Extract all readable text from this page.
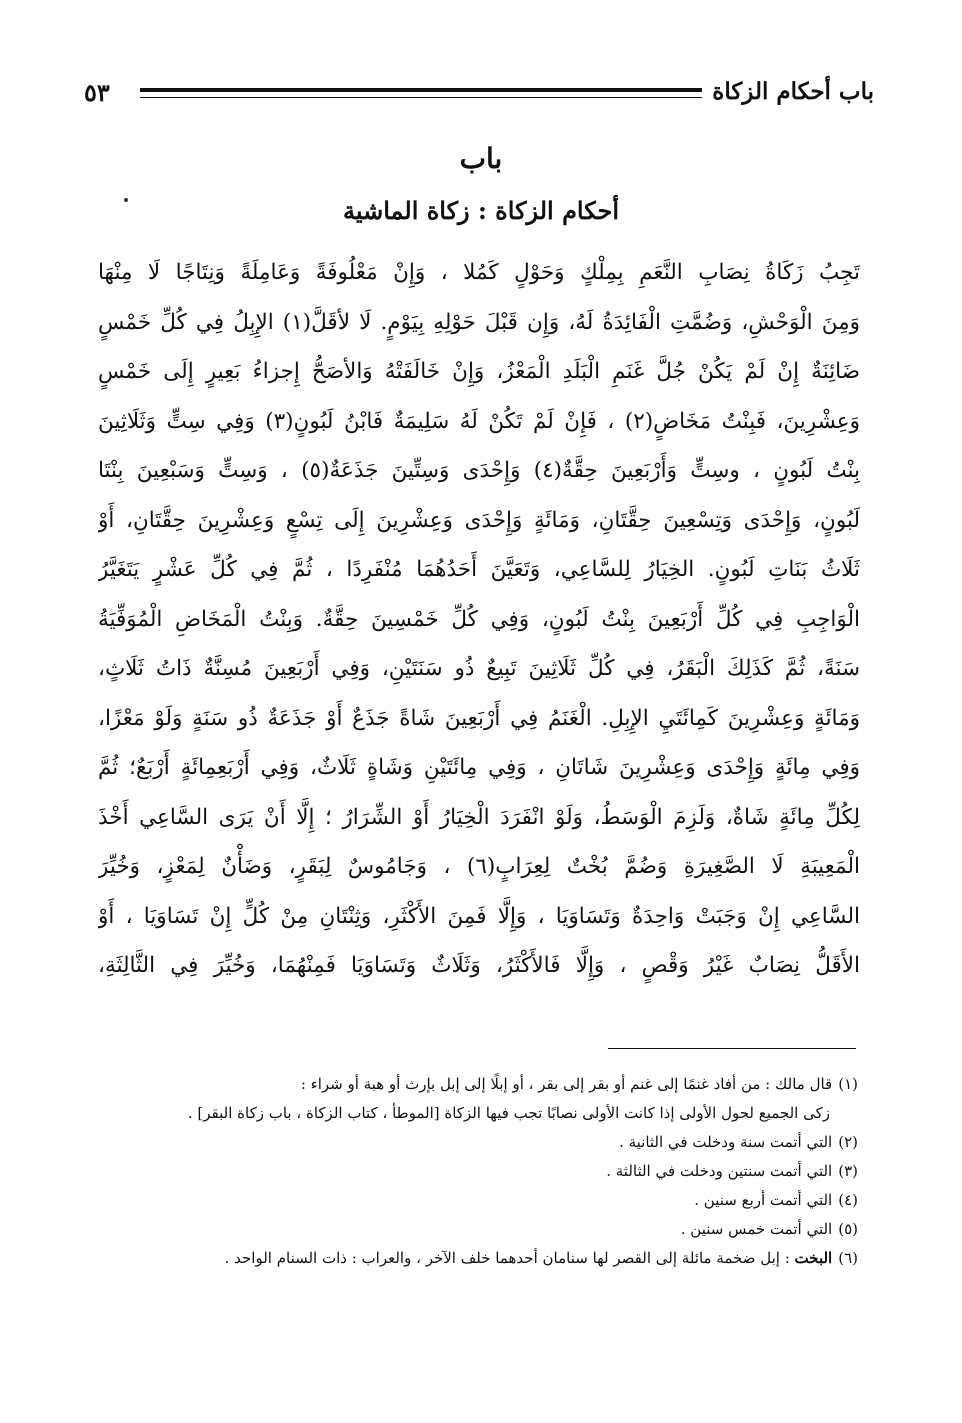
باب أحكام الزكاة
٥٣
باب
أحكام الزكاة : زكاة الماشية
تَجِبُ زَكَاةُ نِصَابِ النَّعَمِ بِمِلْكٍ وَحَوْلٍ كَمُلا ، وَإِنْ مَعْلُوفَةً وَعَامِلَةً وَنِتَاجًا لَا مِنْهَا
وَمِنَ الْوَحْشِ، وَضُمَّتِ الْفَائِدَةُ لَهُ، وَإِن قَبْلَ حَوْلِهِ بِيَوْمٍ. لَا لأقَلَّ(١) الإِبِلُ فِي كُلِّ خَمْسٍ
ضَائِنَةٌ إِنْ لَمْ يَكُنْ جُلَّ غَنَمِ الْبَلَدِ الْمَعْزُ، وَإِنْ خَالَفَتْهُ وَالأصَحُّ إِجزاءُ بَعِيرٍ إِلَى خَمْسٍ
وَعِشْرِينَ، فَبِنْتُ مَخَاضٍ(٢) ، فَإِنْ لَمْ تَكُنْ لَهُ سَلِيمَةٌ فَابْنُ لَبُونٍ(٣) وَفِي سِتٍّ وَثَلَاثِينَ
بِنْتُ لَبُونٍ ، وسِتٍّ وَأَرْبَعِينَ حِقَّةٌ(٤) وَإِحْدَى وَسِتِّينَ جَذَعَةٌ(٥) ، وَسِتٍّ وَسَبْعِينَ بِنْتَا
لَبُونٍ، وَإِحْدَى وَتِسْعِينَ حِقَّتَانِ، وَمَائَةٍ وَإِحْدَى وَعِشْرِينَ إِلَى تِسْعٍ وَعِشْرِينَ حِقَّتَانِ، أَوْ
ثَلَاثُ بَنَاتِ لَبُونٍ. الخِيَارُ لِلسَّاعِي، وَتَعَيَّنَ أَحَدُهُمَا مُنْفَرِدًا ، ثُمَّ فِي كُلِّ عَشْرٍ يَتَغَيَّرُ
الْوَاجِبِ فِي كُلِّ أَرْبَعِينَ بِنْتُ لَبُونٍ، وَفِي كُلِّ خَمْسِينَ حِقَّةٌ. وَبِنْتُ الْمَخَاضِ الْمُوَفِّيَةُ
سَنَةً، ثُمَّ كَذَلِكَ الْبَقَرُ، فِي كُلِّ ثَلَاثِينَ تَبِيعٌ ذُو سَنَتَيْنِ، وَفِي أَرْبَعِينَ مُسِنَّةٌ ذَاتُ ثَلَاثٍ،
وَمَائَةٍ وَعِشْرِينَ كَمِائَتَيِ الإِبِلِ. الْغَنَمُ فِي أَرْبَعِينَ شَاةً جَذَعٌ أَوْ جَذَعَةٌ ذُو سَنَةٍ وَلَوْ مَعْزًا،
وَفِي مِائَةٍ وَإِحْدَى وَعِشْرِينَ شَاتَانِ ، وَفِي مِائَتَيْنِ وَشَاةٍ ثَلَاثٌ، وَفِي أَرْبَعِمِائَةٍ أَرْبَعٌ؛ ثُمَّ
لِكُلِّ مِائَةٍ شَاةٌ، وَلَزِمَ الْوَسَطُ، وَلَوْ انْفَرَدَ الْخِيَارُ أَوْ الشِّرَارُ ؛ إِلَّا أَنْ يَرَى السَّاعِي أَخْذَ
الْمَعِيبَةِ لَا الصَّغِيرَةِ وَضُمَّ بُخْتٌ لِعِرَابٍ(٦) ، وَجَامُوسٌ لِبَقَرٍ، وَضَأْنٌ لِمَعْزٍ، وَخُيِّرَ
السَّاعِي إِنْ وَجَبَتْ وَاحِدَةٌ وَتَسَاوَيَا ، وَإِلَّا فَمِنَ الأَكْثَرِ، وَثِنْتَانِ مِنْ كُلٍّ إِنْ تَسَاوَيَا ، أَوْ
الأَقَلُّ نِصَابٌ غَيْرُ وَقْصٍ ، وَإِلَّا فَالأَكْثَرُ، وَثَلَاثٌ وَتَسَاوَيَا فَمِنْهُمَا، وَخُيِّرَ فِي الثَّالِثَةِ،
(١)قال مالك : من أفاد غنمًا إلى غنم أو بقر إلى بقر ، أو إبلًا إلى إبل بإرث أو هبة أو شراء :
زكى الجميع لحول الأولى إذا كانت الأولى نصابًا تجب فيها الزكاة [الموطأ ، كتاب الزكاة ، باب زكاة البقر] .
(٢)التي أتمت سنة ودخلت في الثانية .
(٣)التي أتمت سنتين ودخلت في الثالثة .
(٤)التي أتمت أربع سنين .
(٥)التي أتمت خمس سنين .
(٦)البخت : إبل ضخمة مائلة إلى القصر لها سنامان أحدهما خلف الآخر ، والعراب : ذات السنام الواحد .
